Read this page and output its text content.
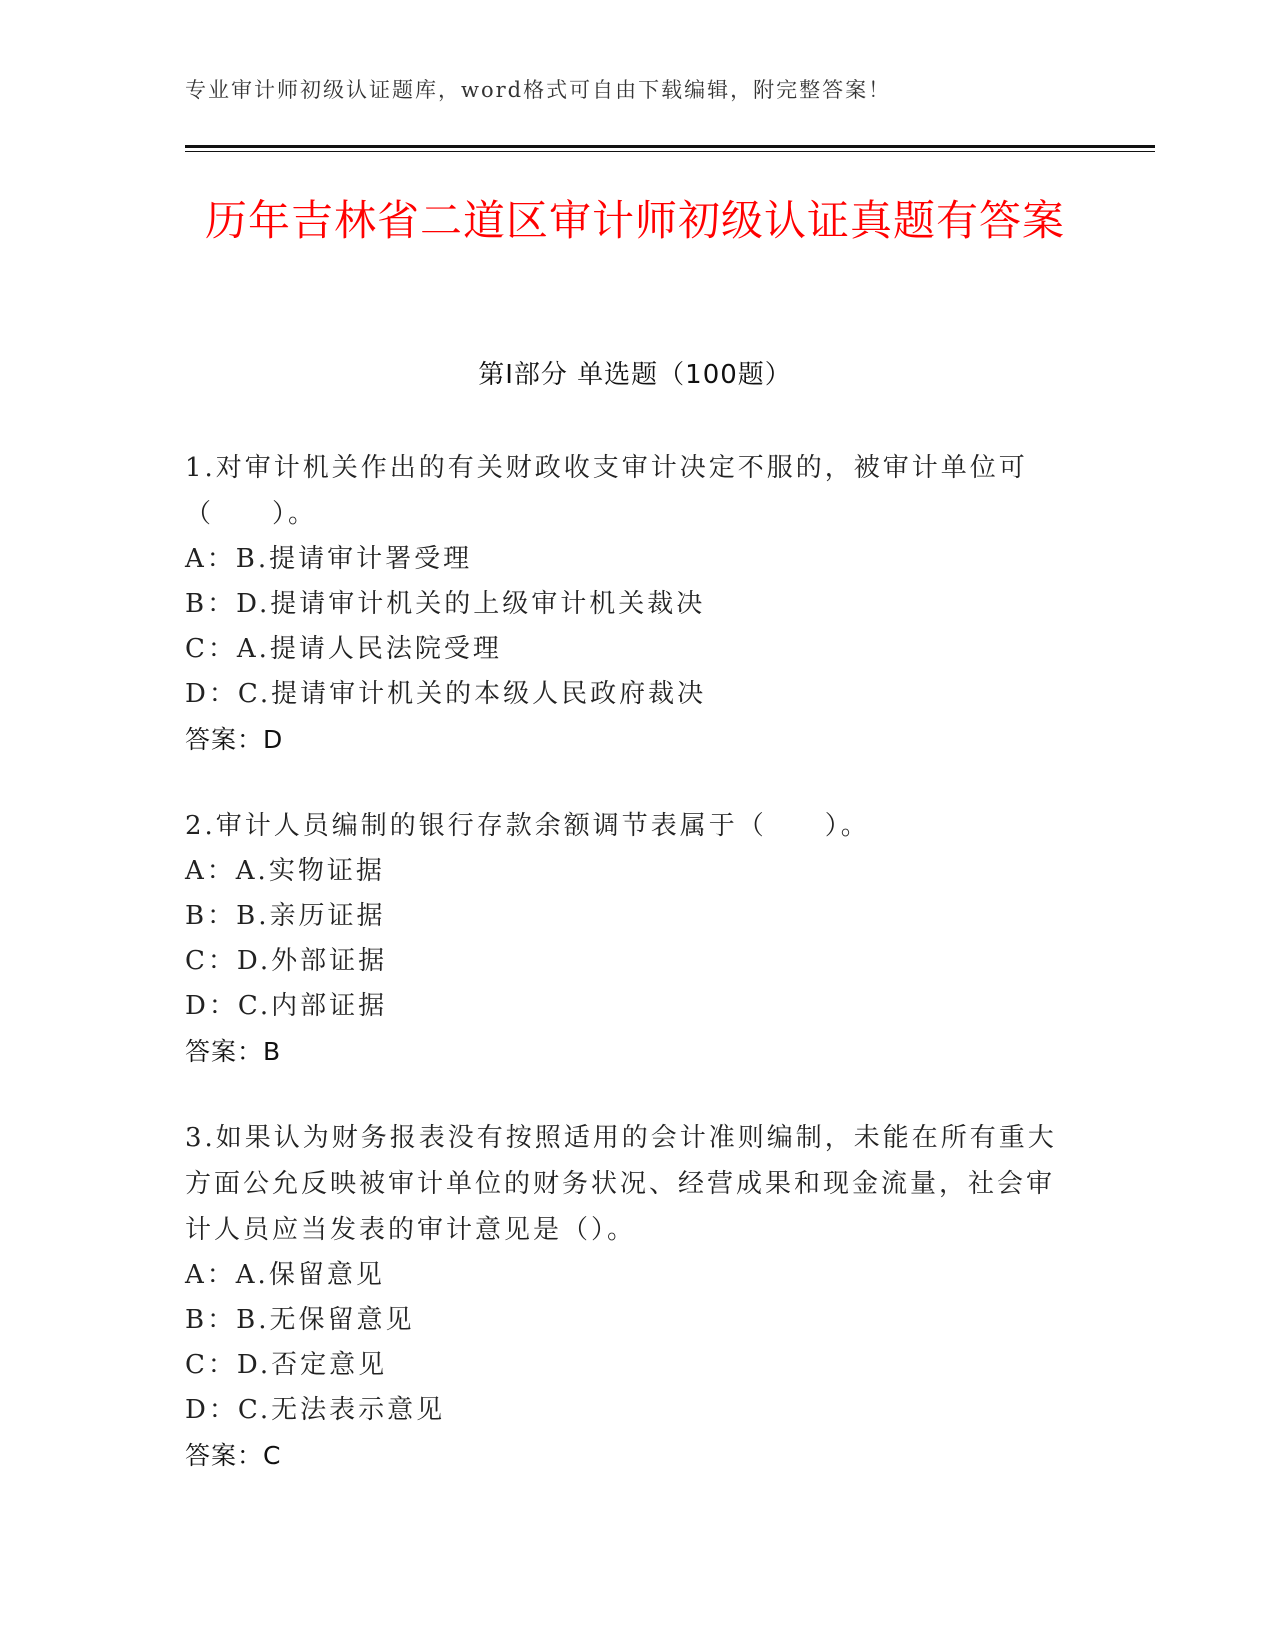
专业审计师初级认证题库，word格式可自由下载编辑，附完整答案！
历年吉林省二道区审计师初级认证真题有答案
第Ⅰ部分 单选题（100题）
1.对审计机关作出的有关财政收支审计决定不服的，被审计单位可（　　）。
A：B.提请审计署受理
B：D.提请审计机关的上级审计机关裁决
C：A.提请人民法院受理
D：C.提请审计机关的本级人民政府裁决
答案：D
2.审计人员编制的银行存款余额调节表属于（　　）。
A：A.实物证据
B：B.亲历证据
C：D.外部证据
D：C.内部证据
答案：B
3.如果认为财务报表没有按照适用的会计准则编制，未能在所有重大方面公允反映被审计单位的财务状况、经营成果和现金流量，社会审计人员应当发表的审计意见是（）。
A：A.保留意见
B：B.无保留意见
C：D.否定意见
D：C.无法表示意见
答案：C
